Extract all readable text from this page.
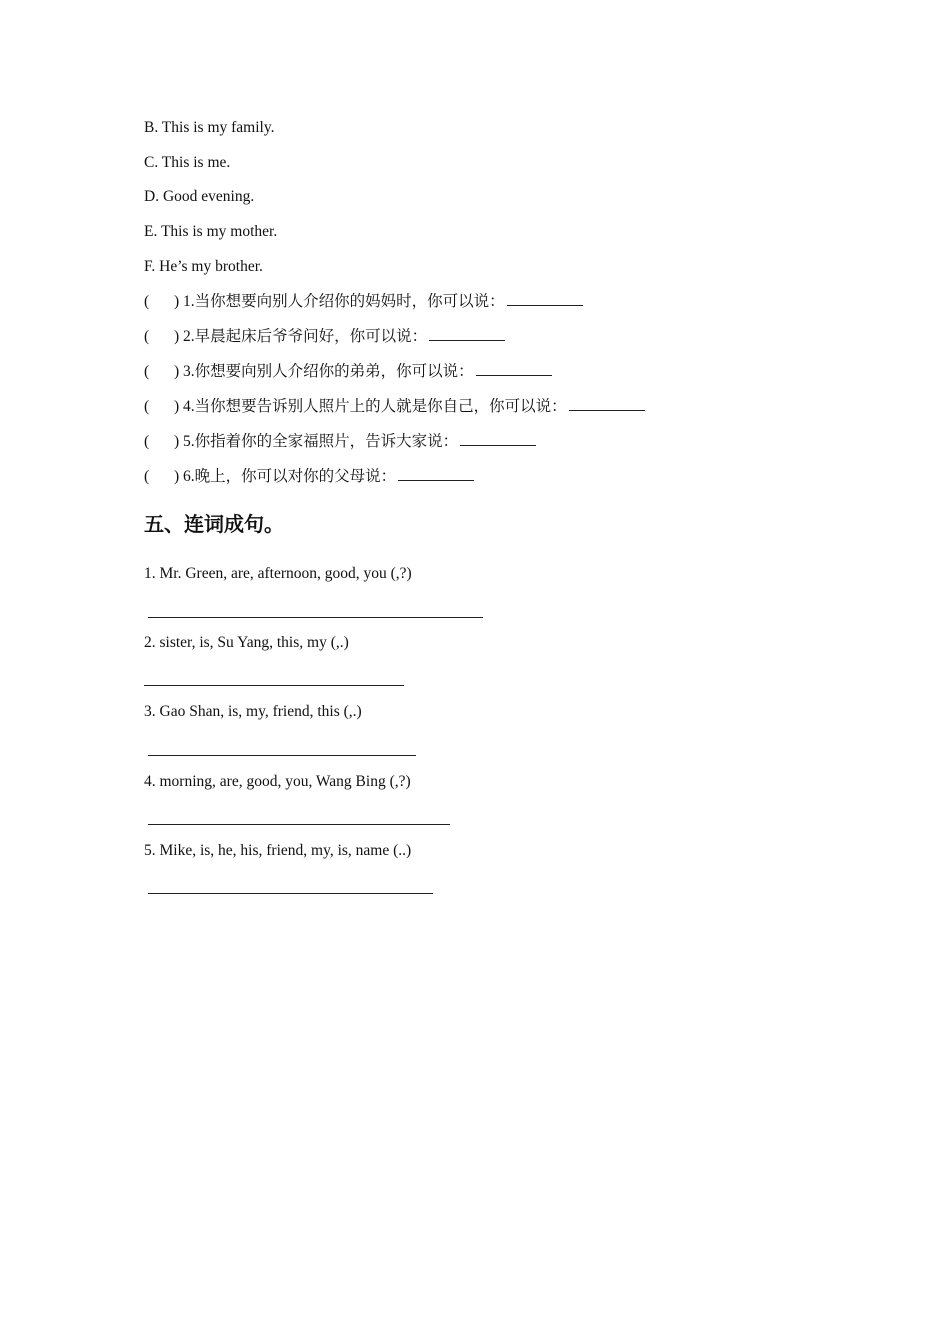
B. This is my family.
C. This is me.
D. Good evening.
E. This is my mother.
F. He’s my brother.
( ) 1.当你想要向别人介绍你的妈妈时，你可以说：
( ) 2.早晨起床后爷爷问好，你可以说：
( ) 3.你想要向别人介绍你的弟弟，你可以说：
( ) 4.当你想要告诉别人照片上的人就是你自己，你可以说：
( ) 5.你指着你的全家福照片，告诉大家说：
( ) 6.晚上，你可以对你的父母说：
五、连词成句。
1. Mr. Green, are, afternoon, good, you (,?)
2. sister, is, Su Yang, this, my (,.)
3. Gao Shan, is, my, friend, this (,.)
4. morning, are, good, you, Wang Bing (,?)
5. Mike, is, he, his, friend, my, is, name (..)
